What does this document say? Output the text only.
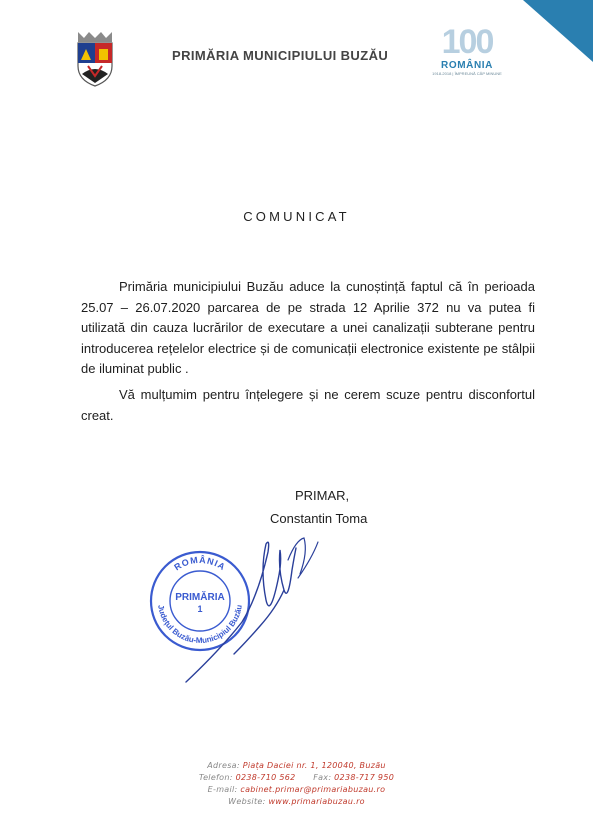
PRIMĂRIA MUNICIPIULUI BUZĂU	100
ROMÂNIA
1918-2018 | ÎMPREUNĂ CĂP MINUNE
COMUNICAT

Primăria municipiului Buzău aduce la cunoștință faptul că în perioada 25.07 – 26.07.2020 parcarea de pe strada 12 Aprilie 372 nu va putea fi utilizată din cauza lucrărilor de executare a unei canalizații subterane pentru introducerea rețelelor electrice și de comunicații electronice existente pe stâlpii de iluminat public .

Vă mulțumim pentru înțelegere și ne cerem scuze pentru disconfortul creat.

PRIMAR,
Constantin Toma
ROMÂNIA
Județul Buzău-Municipiul Buzău
PRIMĂRIA
1
Adresa: Piața Daciei nr. 1, 120040, Buzău
Telefon: 0238-710 562 Fax: 0238-717 950
E-mail: cabinet.primar@primariabuzau.ro
Website: www.primariabuzau.ro
